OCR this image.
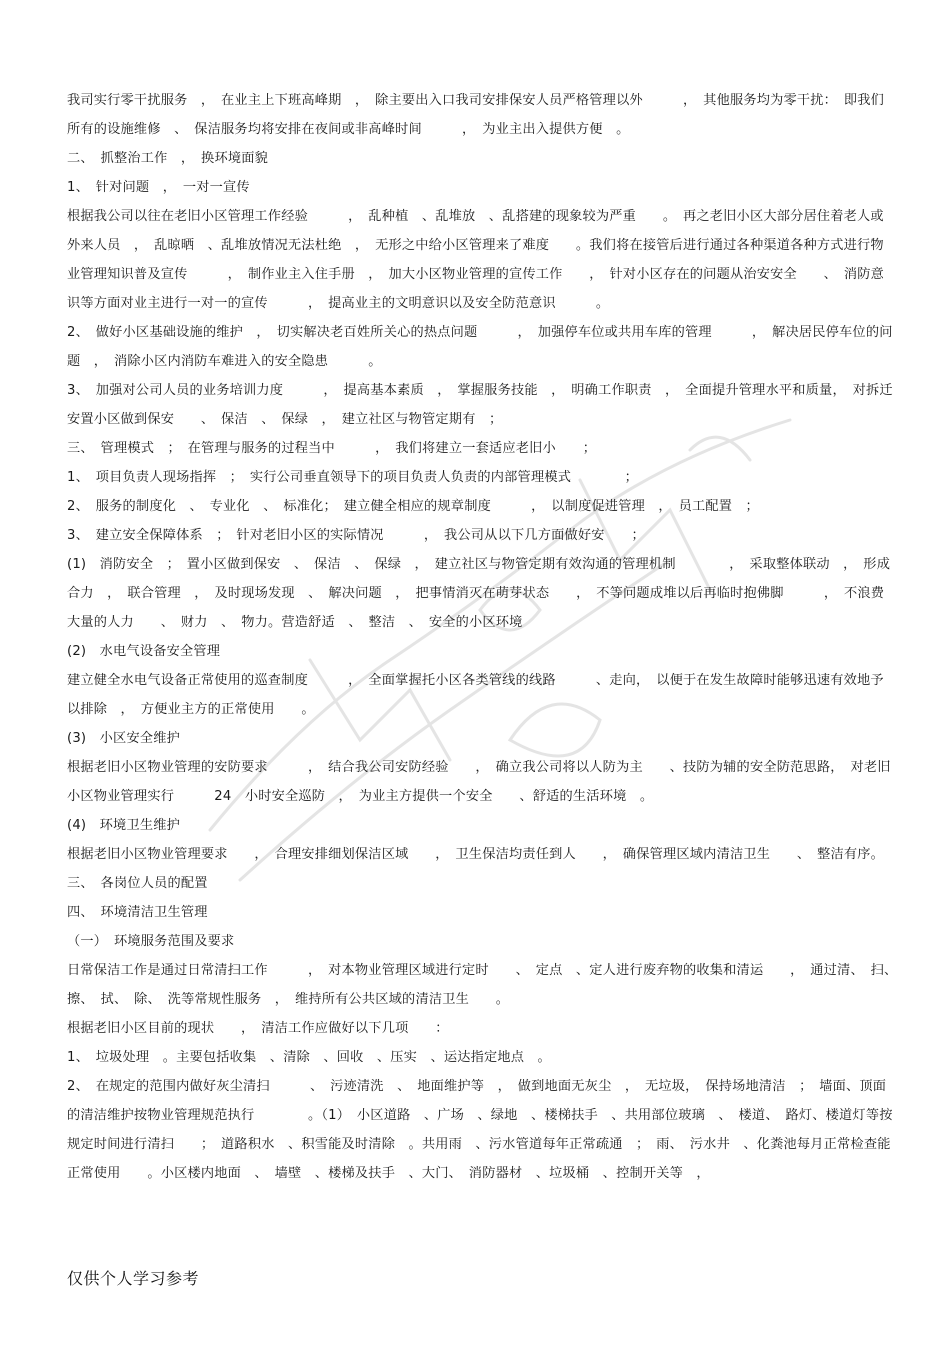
我司实行零干扰服务　，　在业主上下班高峰期　，　除主要出入口我司安排保安人员严格管理以外　　　，　其他服务均为零干扰：　即我们所有的设施维修　、　保洁服务均将安排在夜间或非高峰时间　　　，　为业主出入提供方便　。

二、　抓整治工作　，　换环境面貌

1、　针对问题　，　一对一宣传

根据我公司以往在老旧小区管理工作经验　　　，　乱种植　、乱堆放　、乱搭建的现象较为严重　　。　再之老旧小区大部分居住着老人或外来人员　，　乱晾晒　、乱堆放情况无法杜绝　，　无形之中给小区管理来了难度　　。我们将在接管后进行通过各种渠道各种方式进行物业管理知识普及宣传　　　，　制作业主入住手册　，　加大小区物业管理的宣传工作　　，　针对小区存在的问题从治安安全　　、　消防意识等方面对业主进行一对一的宣传　　　，　提高业主的文明意识以及安全防范意识　　　。

2、　做好小区基础设施的维护　，　切实解决老百姓所关心的热点问题　　　，　加强停车位或共用车库的管理　　　，　解决居民停车位的问题　，　消除小区内消防车难进入的安全隐患　　　。

3、　加强对公司人员的业务培训力度　　　，　提高基本素质　，　掌握服务技能　，　明确工作职责　，　全面提升管理水平和质量，　对拆迁安置小区做到保安　　、　保洁　、　保绿　，　建立社区与物管定期有　；

三、　管理模式　；　在管理与服务的过程当中　　　，　我们将建立一套适应老旧小　　；

1、　项目负责人现场指挥　；　实行公司垂直领导下的项目负责人负责的内部管理模式　　　　；

2、　服务的制度化　、　专业化　、　标准化；　建立健全相应的规章制度　　　，　以制度促进管理　，　员工配置　；

3、　建立安全保障体系　；　针对老旧小区的实际情况　　　，　我公司从以下几方面做好安　　；

(1)　消防安全　；　置小区做到保安　、　保洁　、　保绿　，　建立社区与物管定期有效沟通的管理机制　　　　，　采取整体联动　，　形成合力　，　联合管理　，　及时现场发现　、　解决问题　，　把事情消灭在萌芽状态　　，　不等问题成堆以后再临时抱佛脚　　　，　不浪费大量的人力　　、　财力　、　物力。营造舒适　、　整洁　、　安全的小区环境

(2)　水电气设备安全管理

建立健全水电气设备正常使用的巡查制度　　　，　全面掌握托小区各类管线的线路　　　、走向，　以便于在发生故障时能够迅速有效地予以排除　，　方便业主方的正常使用　　。

(3)　小区安全维护

根据老旧小区物业管理的安防要求　　　，　结合我公司安防经验　　，　确立我公司将以人防为主　　、技防为辅的安全防范思路，　对老旧小区物业管理实行　　　24　小时安全巡防　，　为业主方提供一个安全　　、舒适的生活环境　。

(4)　环境卫生维护

根据老旧小区物业管理要求　　，　合理安排细划保洁区域　　，　卫生保洁均责任到人　　，　确保管理区域内清洁卫生　　、　整洁有序。

三、　各岗位人员的配置

四、　环境清洁卫生管理

（一）　环境服务范围及要求

日常保洁工作是通过日常清扫工作　　　，　对本物业管理区域进行定时　　、　定点　、定人进行废弃物的收集和清运　　，　通过清、　扫、　擦、　拭、　除、　洗等常规性服务　，　维持所有公共区域的清洁卫生　　。

根据老旧小区目前的现状　　，　清洁工作应做好以下几项　　：

1、　垃圾处理　。主要包括收集　、清除　、回收　、压实　、运达指定地点　。

2、　在规定的范围内做好灰尘清扫　　　、　污迹清洗　、　地面维护等　，　做到地面无灰尘　，　无垃圾，　保持场地清洁　；　墙面、顶面的清洁维护按物业管理规范执行　　　　。（1）　小区道路　、广场　、绿地　、楼梯扶手　、共用部位玻璃　、　楼道、　路灯、楼道灯等按规定时间进行清扫　　；　道路积水　、积雪能及时清除　。共用雨　、污水管道每年正常疏通　；　雨、　污水井　、化粪池每月正常检查能正常使用　　。小区楼内地面　、　墙壁　、楼梯及扶手　、大门、　消防器材　、垃圾桶　、控制开关等　，

仅供个人学习参考
